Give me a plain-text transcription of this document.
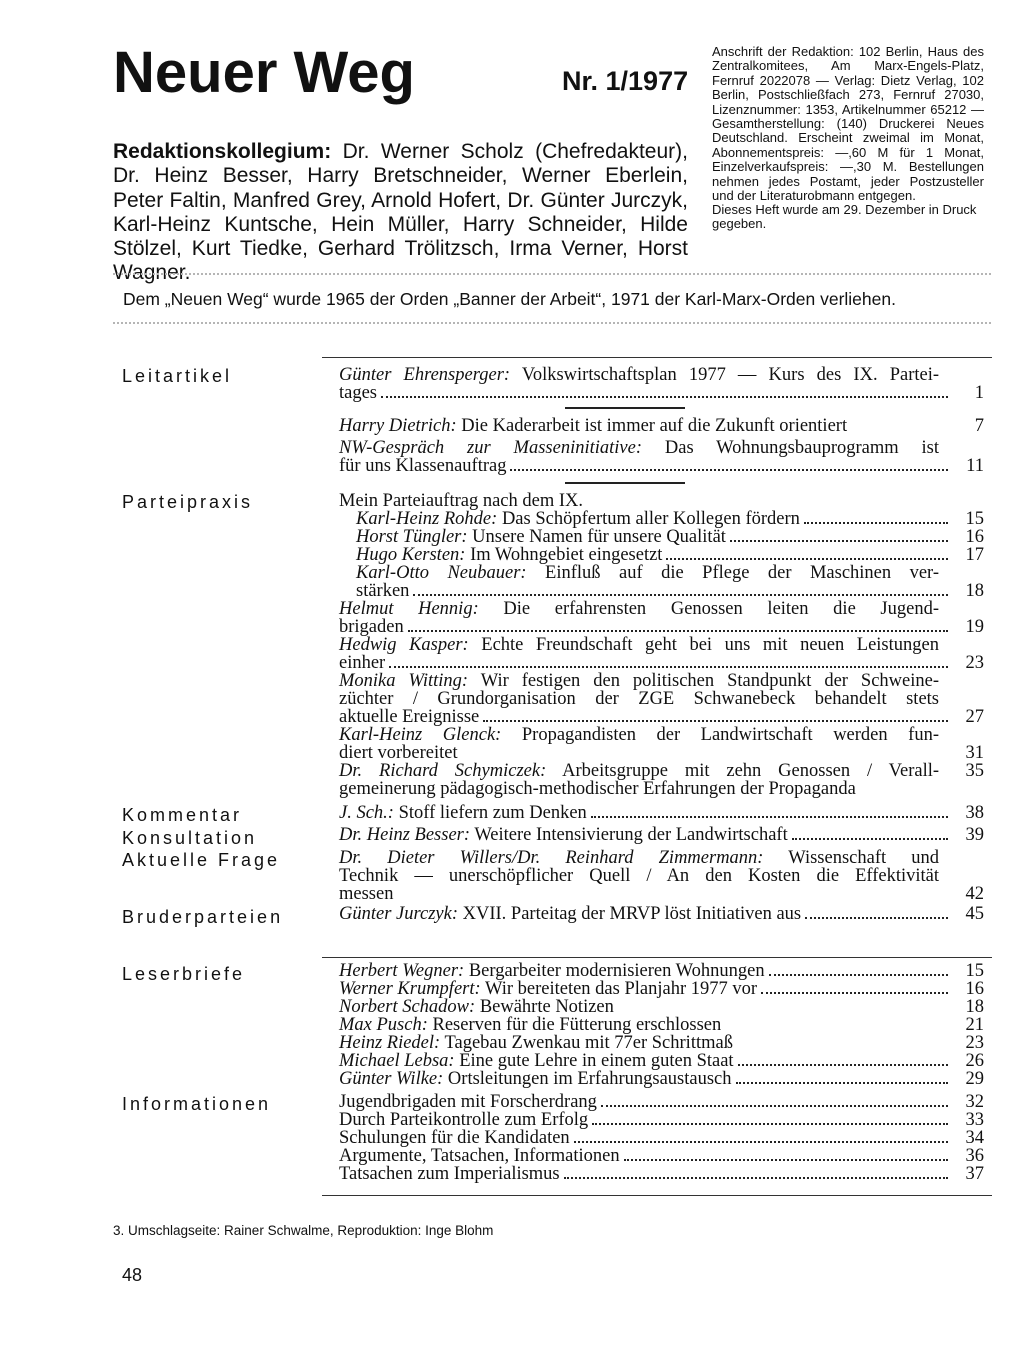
Neuer Weg	Nr. 1/1977
Redaktionskollegium: Dr. Werner Scholz (Chefredakteur), Dr. Heinz Besser, Harry Bretschneider, Werner Eberlein, Peter Faltin, Manfred Grey, Arnold Hofert, Dr. Günter Jurczyk, Karl-Heinz Kuntsche, Hein Müller, Harry Schneider, Hilde Stölzel, Kurt Tiedke, Gerhard Trölitzsch, Irma Verner, Horst Wagner.
Anschrift der Redaktion: 102 Berlin, Haus des Zentralkomitees, Am Marx-Engels-Platz, Fernruf 2022078 — Verlag: Dietz Verlag, 102 Berlin, Postschließfach 273, Fernruf 27030, Lizenznummer: 1353, Artikelnummer 65212 — Gesamtherstellung: (140) Druckerei Neues Deutschland. Erscheint zweimal im Monat, Abonnementspreis: —,60 M für 1 Monat, Einzelverkaufspreis: —,30 M. Bestellungen nehmen jedes Postamt, jeder Postzusteller und der Literaturobmann entgegen.
Dieses Heft wurde am 29. Dezember in Druck gegeben.
Dem „Neuen Weg“ wurde 1965 der Orden „Banner der Arbeit“, 1971 der Karl-Marx-Orden verliehen.
Leitartikel
Parteipraxis
Kommentar
Konsultation
Aktuelle Frage
Bruderparteien
Leserbriefe
Informationen
Günter Ehrensperger: Volkswirtschaftsplan 1977 — Kurs des IX. Partei-
tages	1
Harry Dietrich: Die Kaderarbeit ist immer auf die Zukunft orientiert	7
NW-Gespräch zur Masseninitiative: Das Wohnungsbauprogramm ist
für uns Klassenauftrag	11
Mein Parteiauftrag nach dem IX.
Karl-Heinz Rohde: Das Schöpfertum aller Kollegen fördern	15
Horst Tüngler: Unsere Namen für unsere Qualität	16
Hugo Kersten: Im Wohngebiet eingesetzt	17
Karl-Otto Neubauer: Einfluß auf die Pflege der Maschinen ver-
stärken	18
Helmut Hennig: Die erfahrensten Genossen leiten die Jugend-
brigaden	19
Hedwig Kasper: Echte Freundschaft geht bei uns mit neuen Leistungen
einher	23
Monika Witting: Wir festigen den politischen Standpunkt der Schweine-
züchter / Grundorganisation der ZGE Schwanebeck behandelt stets
aktuelle Ereignisse	27
Karl-Heinz Glenck: Propagandisten der Landwirtschaft werden fun-
diert vorbereitet	31
Dr. Richard Schymiczek: Arbeitsgruppe mit zehn Genossen / Verall-	35
gemeinerung pädagogisch-methodischer Erfahrungen der Propaganda
J. Sch.: Stoff liefern zum Denken	38
Dr. Heinz Besser: Weitere Intensivierung der Landwirtschaft	39
Dr. Dieter Willers/Dr. Reinhard Zimmermann: Wissenschaft und
Technik — unerschöpflicher Quell / An den Kosten die Effektivität
messen	42
Günter Jurczyk: XVII. Parteitag der MRVP löst Initiativen aus	45
Herbert Wegner: Bergarbeiter modernisieren Wohnungen	15
Werner Krumpfert: Wir bereiteten das Planjahr 1977 vor	16
Norbert Schadow: Bewährte Notizen	18
Max Pusch: Reserven für die Fütterung erschlossen	21
Heinz Riedel: Tagebau Zwenkau mit 77er Schrittmaß	23
Michael Lebsa: Eine gute Lehre in einem guten Staat	26
Günter Wilke: Ortsleitungen im Erfahrungsaustausch	29
Jugendbrigaden mit Forscherdrang	32
Durch Parteikontrolle zum Erfolg	33
Schulungen für die Kandidaten	34
Argumente, Tatsachen, Informationen	36
Tatsachen zum Imperialismus	37
3. Umschlagseite: Rainer Schwalme, Reproduktion: Inge Blohm
48
